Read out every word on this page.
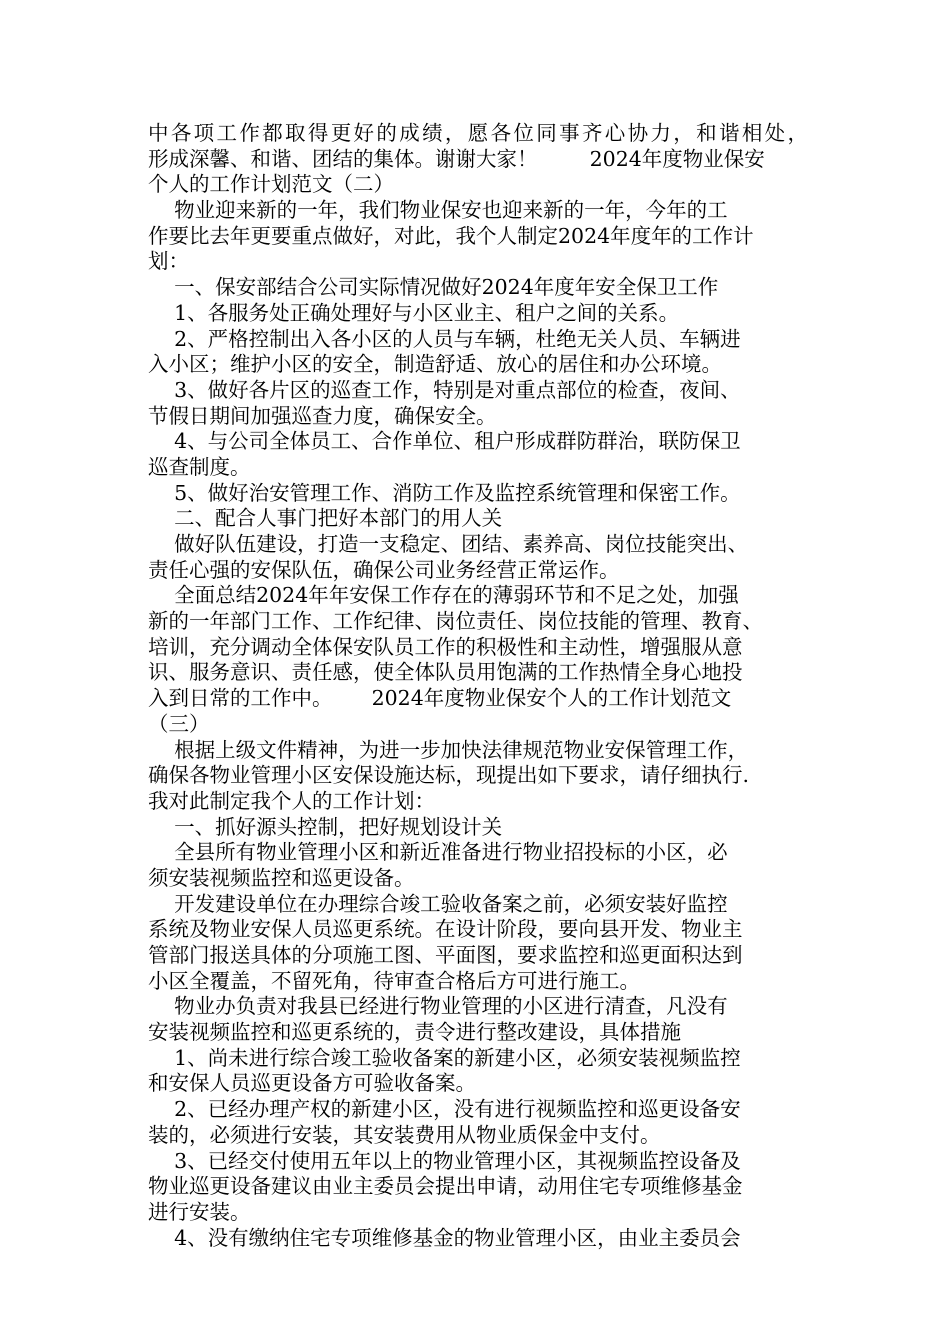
中各项工作都取得更好的成绩，愿各位同事齐心协力，和谐相处，
形成深馨、和谐、团结的集体。谢谢大家！        2024年度物业保安
个人的工作计划范文（二）
物业迎来新的一年，我们物业保安也迎来新的一年，今年的工
作要比去年更要重点做好，对此，我个人制定2024年度年的工作计
划：
一、保安部结合公司实际情况做好2024年度年安全保卫工作
1、各服务处正确处理好与小区业主、租户之间的关系。
2、严格控制出入各小区的人员与车辆，杜绝无关人员、车辆进
入小区；维护小区的安全，制造舒适、放心的居住和办公环境。
3、做好各片区的巡查工作，特别是对重点部位的检查，夜间、
节假日期间加强巡查力度，确保安全。
4、与公司全体员工、合作单位、租户形成群防群治，联防保卫
巡查制度。
5、做好治安管理工作、消防工作及监控系统管理和保密工作。
二、配合人事门把好本部门的用人关
做好队伍建设，打造一支稳定、团结、素养高、岗位技能突出、
责任心强的安保队伍，确保公司业务经营正常运作。
全面总结2024年年安保工作存在的薄弱环节和不足之处，加强
新的一年部门工作、工作纪律、岗位责任、岗位技能的管理、教育、
培训，充分调动全体保安队员工作的积极性和主动性，增强服从意
识、服务意识、责任感，使全体队员用饱满的工作热情全身心地投
入到日常的工作中。      2024年度物业保安个人的工作计划范文
（三）
根据上级文件精神，为进一步加快法律规范物业安保管理工作，
确保各物业管理小区安保设施达标，现提出如下要求，请仔细执行.
我对此制定我个人的工作计划：
一、抓好源头控制，把好规划设计关
全县所有物业管理小区和新近准备进行物业招投标的小区，必
须安装视频监控和巡更设备。
开发建设单位在办理综合竣工验收备案之前，必须安装好监控
系统及物业安保人员巡更系统。在设计阶段，要向县开发、物业主
管部门报送具体的分项施工图、平面图，要求监控和巡更面积达到
小区全覆盖，不留死角，待审查合格后方可进行施工。
物业办负责对我县已经进行物业管理的小区进行清查，凡没有
安装视频监控和巡更系统的，责令进行整改建设，具体措施
1、尚未进行综合竣工验收备案的新建小区，必须安装视频监控
和安保人员巡更设备方可验收备案。
2、已经办理产权的新建小区，没有进行视频监控和巡更设备安
装的，必须进行安装，其安装费用从物业质保金中支付。
3、已经交付使用五年以上的物业管理小区，其视频监控设备及
物业巡更设备建议由业主委员会提出申请，动用住宅专项维修基金
进行安装。
4、没有缴纳住宅专项维修基金的物业管理小区，由业主委员会
